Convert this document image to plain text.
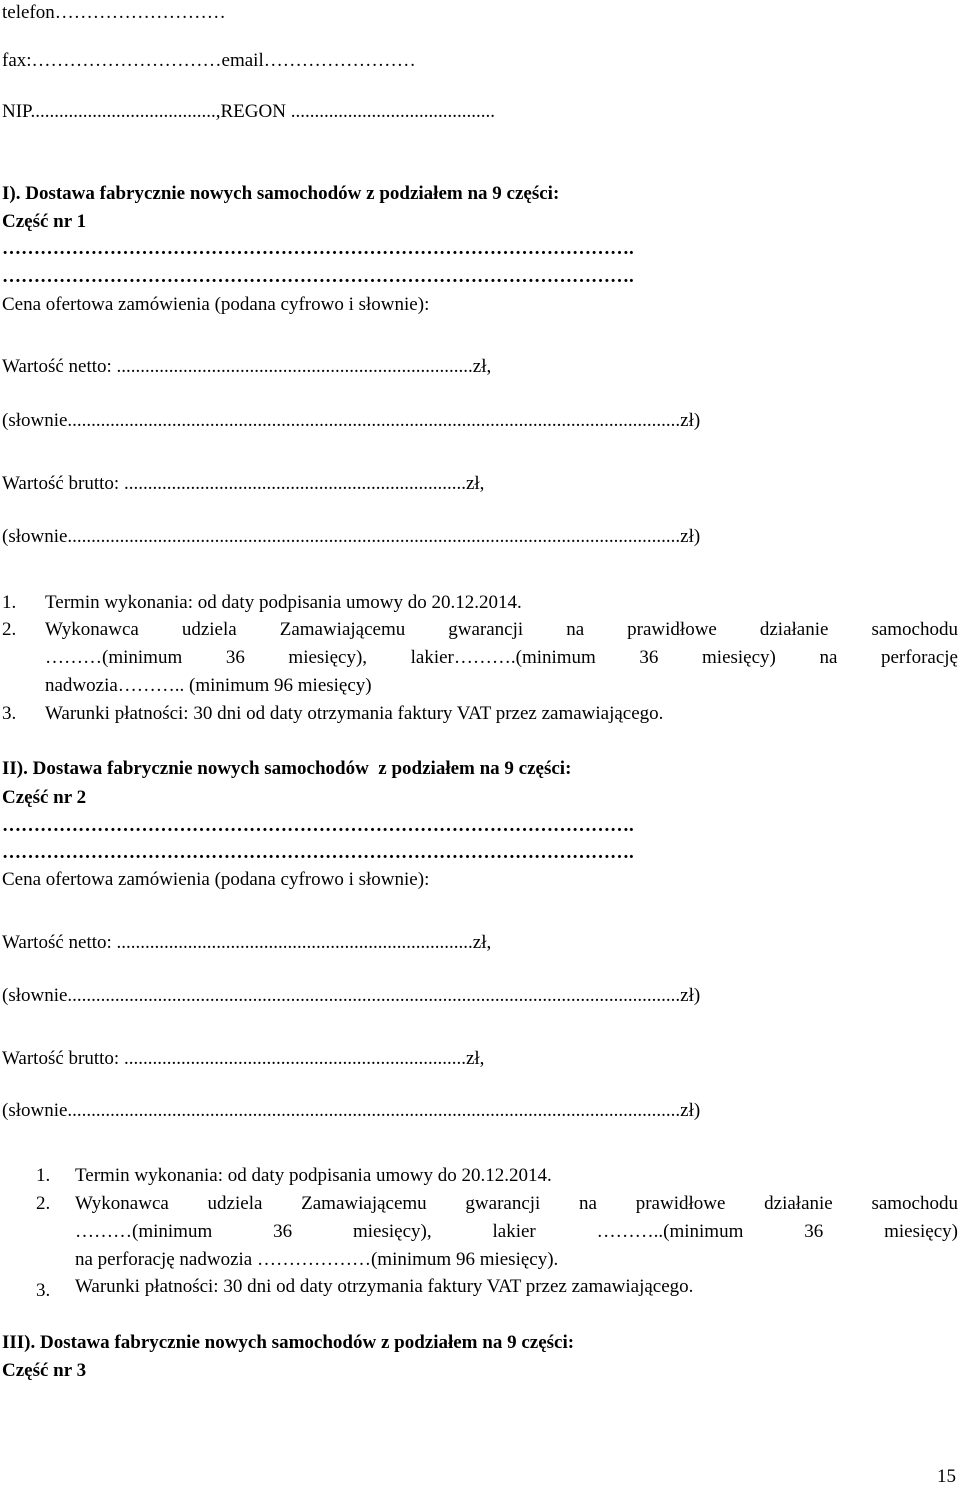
telefon………………………
fax:…………………………email……………………
NIP.......................................,REGON ...........................................
I). Dostawa fabrycznie nowych samochodów z podziałem na 9 części:
Część nr 1
……………………………………………………………………………………….
……………………………………………………………………………………….
Cena ofertowa zamówienia (podana cyfrowo i słownie):
Wartość netto: ...........................................................................zł,
(słownie.................................................................................................................................zł)
Wartość brutto: ........................................................................zł,
(słownie.................................................................................................................................zł)
1.	Termin wykonania: od daty podpisania umowy do 20.12.2014.
2.	Wykonawca udziela Zamawiającemu gwarancji na prawidłowe działanie samochodu
………(minimum 36 miesięcy), lakier……….(minimum 36 miesięcy) na perforację
nadwozia……….. (minimum 96 miesięcy)
3.	Warunki płatności: 30 dni od daty otrzymania faktury VAT przez zamawiającego.
II). Dostawa fabrycznie nowych samochodów  z podziałem na 9 części:
Część nr 2
……………………………………………………………………………………….
……………………………………………………………………………………….
Cena ofertowa zamówienia (podana cyfrowo i słownie):
Wartość netto: ...........................................................................zł,
(słownie.................................................................................................................................zł)
Wartość brutto: ........................................................................zł,
(słownie.................................................................................................................................zł)
1.	Termin wykonania: od daty podpisania umowy do 20.12.2014.
2.	Wykonawca udziela Zamawiającemu gwarancji na prawidłowe działanie samochodu
………(minimum 36 miesięcy), lakier ………..(minimum 36 miesięcy)
na perforację nadwozia ………………(minimum 96 miesięcy).
3.	Warunki płatności: 30 dni od daty otrzymania faktury VAT przez zamawiającego.
III). Dostawa fabrycznie nowych samochodów z podziałem na 9 części:
Część nr 3
15
